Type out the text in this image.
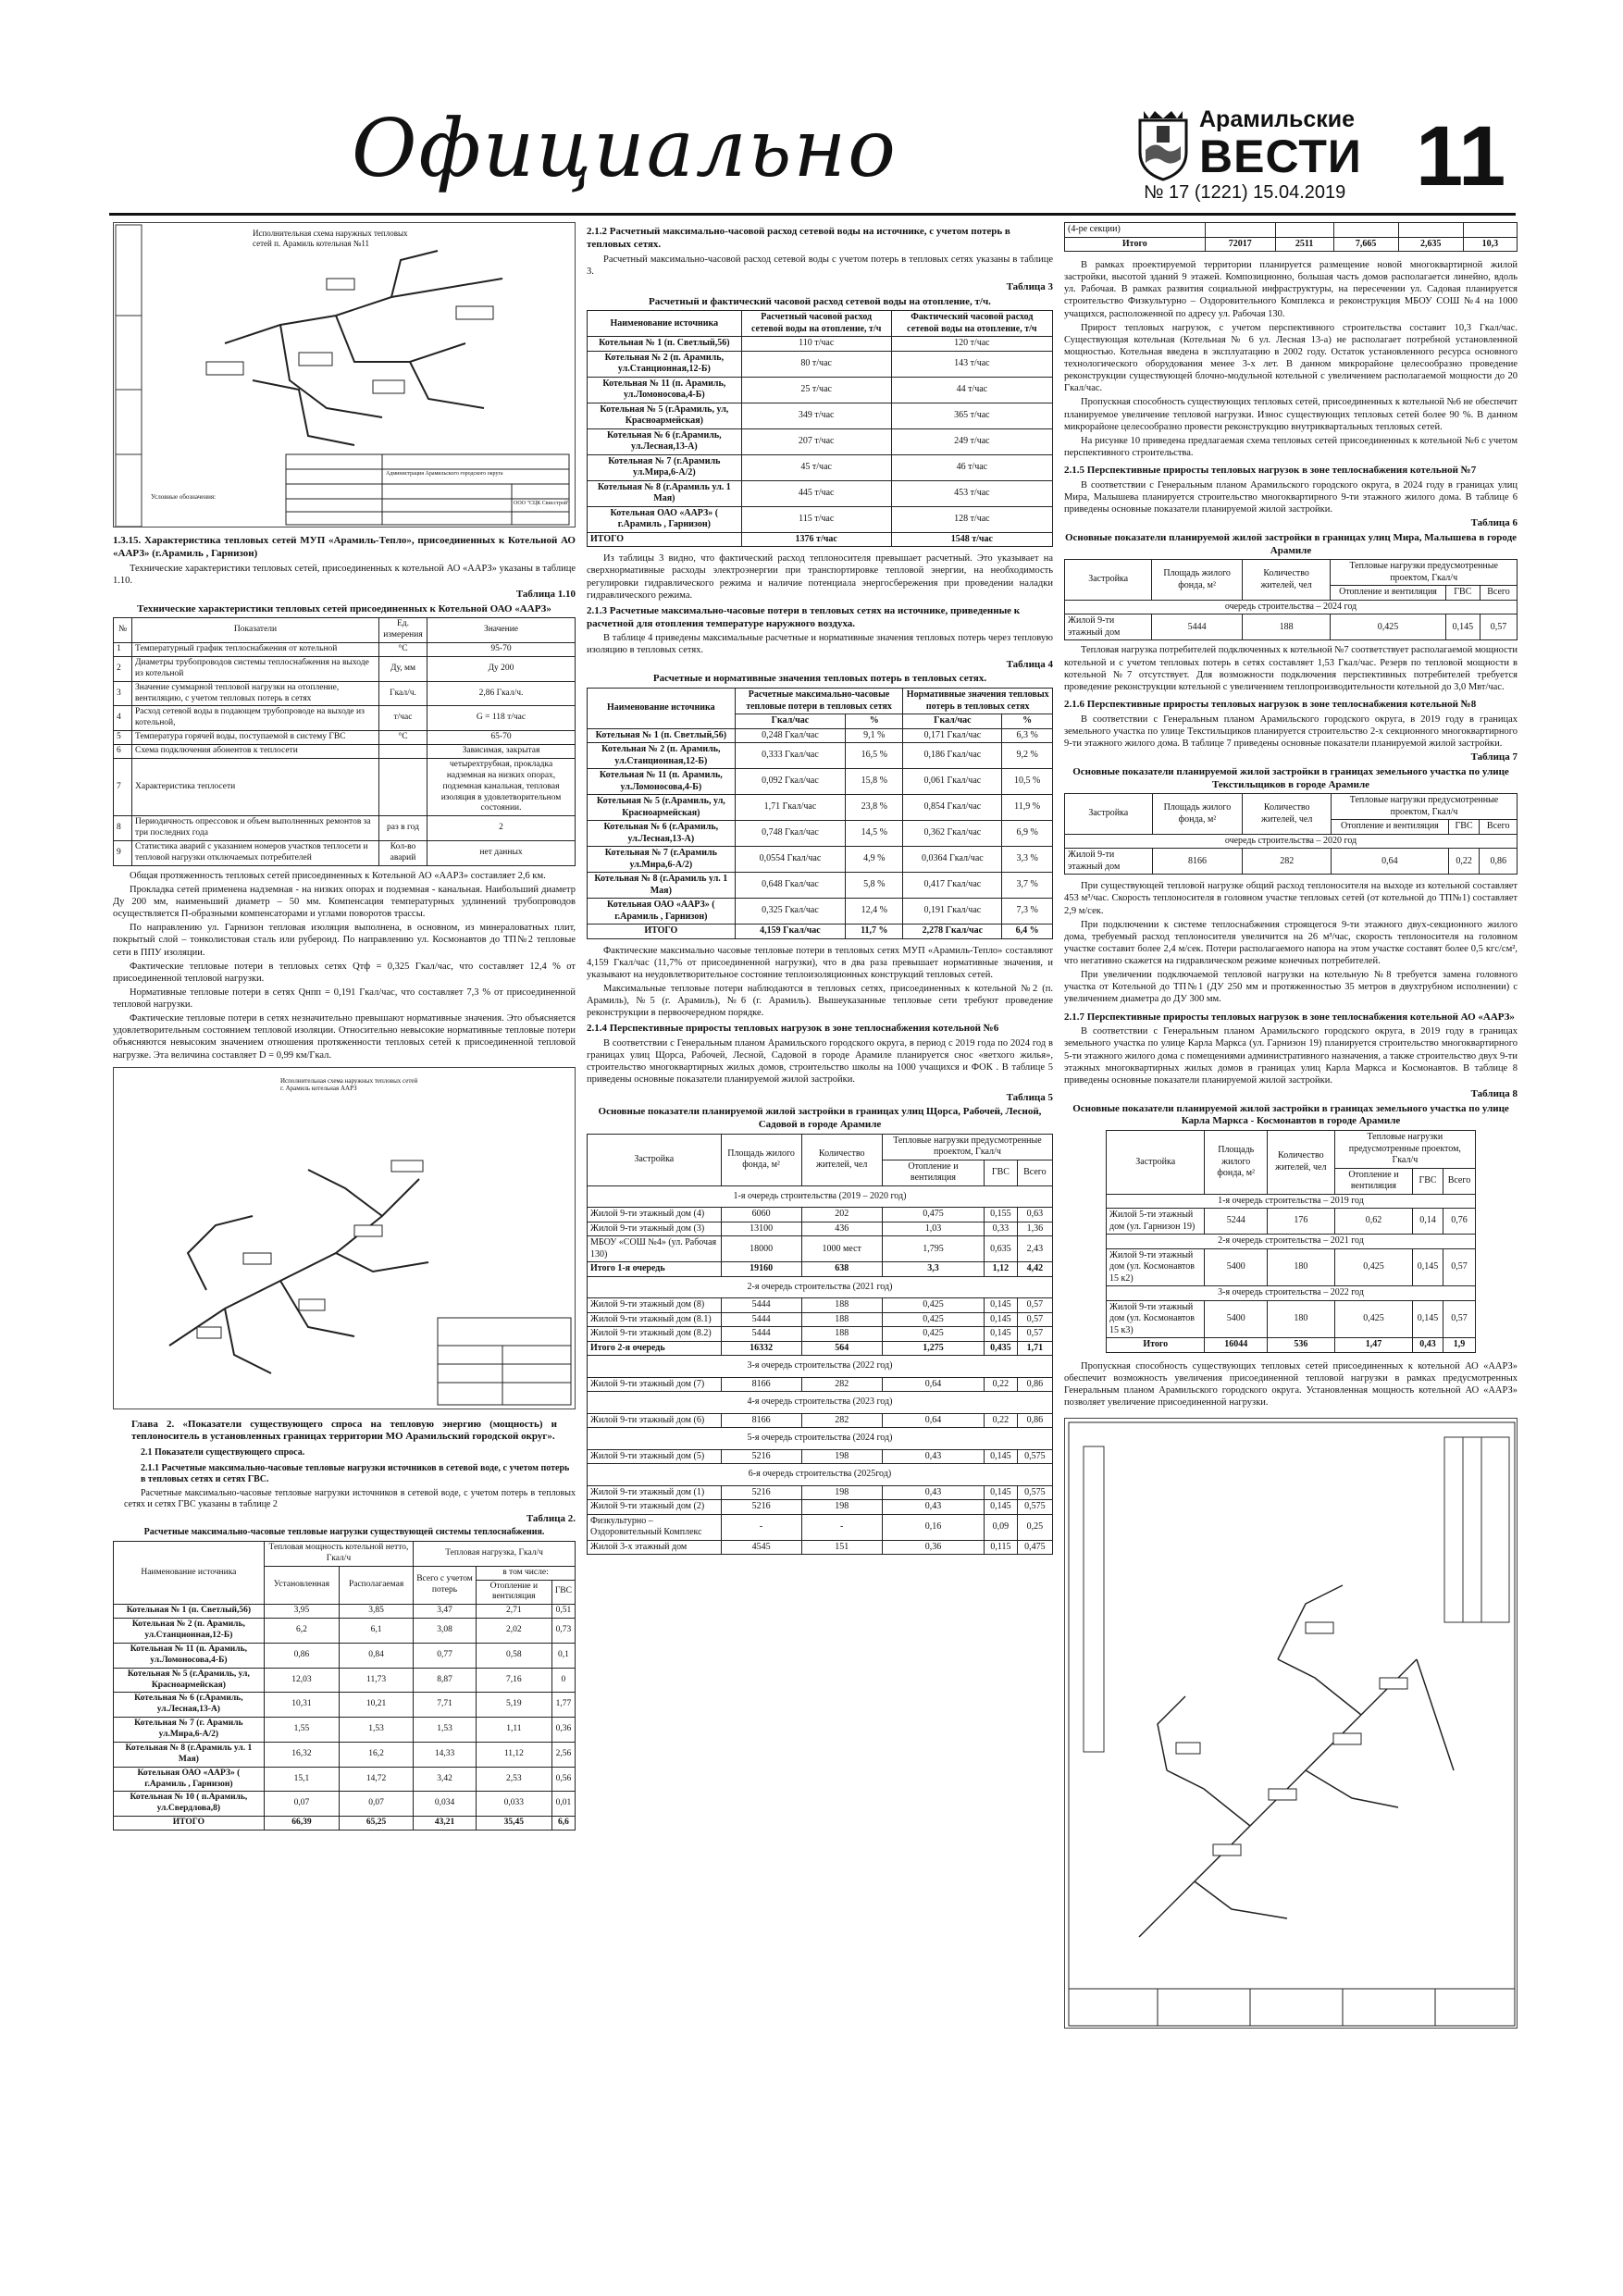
Официально	Арамильские
ВЕСТИ
№ 17 (1221) 15.04.2019 11
Исполнительная схема наружных тепловых
сетей п. Арамиль котельная №11
Условные обозначения:
Администрация Арамильского городского округа
ООО "СЦК Свисстрой"
1.3.15. Характеристика тепловых сетей МУП «Арамиль-Тепло», присоединенных к Котельной АО «ААРЗ» (г.Арамиль , Гарнизон)

Технические характеристики тепловых сетей, присоединенных к котельной АО «ААРЗ» указаны в таблице 1.10.

Таблица 1.10
Технические характеристики тепловых сетей присоединенных к Котельной ОАО «ААРЗ»
№	Показатели	Ед. измерения	Значение
1	Температурный график теплоснабжения от котельной	°С	95-70
2	Диаметры трубопроводов системы теплоснабжения на выходе из котельной	Ду, мм	Ду 200
3	Значение суммарной тепловой нагрузки на отопление, вентиляцию, с учетом тепловых потерь в сетях	Гкал/ч.	2,86 Гкал/ч.
4	Расход сетевой воды в подающем трубопроводе на выходе из котельной,	т/час	G = 118 т/час
5	Температура горячей воды, поступаемой в систему ГВС	°С	65-70
6	Схема подключения абонентов к теплосети		Зависимая, закрытая
7	Характеристика теплосети		четырехтрубная, прокладка надземная на низких опорах, подземная канальная, тепловая изоляция в удовлетворительном состоянии.
8	Периодичность опрессовок и объем выполненных ремонтов за три последних года	раз в год	2
9	Статистика аварий с указанием номеров участков теплосети и тепловой нагрузки отключаемых потребителей	Кол-во аварий	нет данных

Общая протяженность тепловых сетей присоединенных к Котельной АО «ААРЗ» составляет 2,6 км.

Прокладка сетей применена надземная - на низких опорах и подземная - канальная. Наибольший диаметр Ду 200 мм, наименьший диаметр – 50 мм. Компенсация температурных удлинений трубопроводов осуществляется П-образными компенсаторами и углами поворотов трассы.

По направлению ул. Гарнизон тепловая изоляция выполнена, в основном, из минераловатных плит, покрытый слой – тонколистовая сталь или рубероид. По направлению ул. Космонавтов до ТП№2 тепловые сети в ППУ изоляции.

Фактические тепловые потери в тепловых сетях Qтф = 0,325 Гкал/час, что составляет 12,4 % от присоединенной тепловой нагрузки.

Нормативные тепловые потери в сетях Qнпп = 0,191 Гкал/час, что составляет 7,3 % от присоединенной тепловой нагрузки.

Фактические тепловые потери в сетях незначительно превышают нормативные значения. Это объясняется удовлетворительным состоянием тепловой изоляции. Относительно невысокие нормативные тепловые потери объясняются невысоким значением отношения протяженности тепловых сетей к присоединенной тепловой нагрузке. Эта величина составляет D = 0,99 км/Гкал.

Исполнительная схема наружных тепловых сетей г. Арамиль котельная ААРЗ
Глава 2. «Показатели существующего спроса на тепловую энергию (мощность) и теплоноситель в установленных границах территории МО Арамильский городской округ».
2.1 Показатели существующего спроса.
2.1.1 Расчетные максимально-часовые тепловые нагрузки источников в сетевой воде, с учетом потерь в тепловых сетях и сетях ГВС.

Расчетные максимально-часовые тепловые нагрузки источников в сетевой воде, с учетом потерь в тепловых сетях и сетях ГВС указаны в таблице 2

Таблица 2.
Расчетные максимально-часовые тепловые нагрузки существующей системы теплоснабжения.
Наименование источника	Тепловая мощность котельной нетто, Гкал/ч		Тепловая нагрузка, Гкал/ч		
	Установленная	Располагаемая	Всего с учетом потерь	в том числе:	
				Отопление и вентиляция	ГВС
Котельная № 1 (п. Светлый,56)	3,95	3,85	3,47	2,71	0,51
Котельная № 2 (п. Арамиль, ул.Станционная,12-Б)	6,2	6,1	3,08	2,02	0,73
Котельная № 11 (п. Арамиль, ул.Ломоносова,4-Б)	0,86	0,84	0,77	0,58	0,1
Котельная № 5 (г.Арамиль, ул, Красноармейская)	12,03	11,73	8,87	7,16	0
Котельная № 6 (г.Арамиль, ул.Лесная,13-А)	10,31	10,21	7,71	5,19	1,77
Котельная № 7 (г. Арамиль ул.Мира,6-А/2)	1,55	1,53	1,53	1,11	0,36
Котельная № 8 (г.Арамиль ул. 1 Мая)	16,32	16,2	14,33	11,12	2,56
Котельная ОАО «ААРЗ» ( г.Арамиль , Гарнизон)	15,1	14,72	3,42	2,53	0,56
Котельная № 10 ( п.Арамиль, ул.Свердлова,8)	0,07	0,07	0,034	0,033	0,01
ИТОГО	66,39	65,25	43,21	35,45	6,6
2.1.2 Расчетный максимально-часовой расход сетевой воды на источнике, с учетом потерь в тепловых сетях.

Расчетный максимально-часовой расход сетевой воды с учетом потерь в тепловых сетях указаны в таблице 3.

Таблица 3
Расчетный и фактический часовой расход сетевой воды на отопление, т/ч.
Наименование источника	Расчетный часовой расход сетевой воды на отопление, т/ч	Фактический часовой расход сетевой воды на отопление, т/ч
Котельная № 1 (п. Светлый,56)	110 т/час	120 т/час
Котельная № 2 (п. Арамиль, ул.Станционная,12-Б)	80 т/час	143 т/час
Котельная № 11 (п. Арамиль, ул.Ломоносова,4-Б)	25 т/час	44 т/час
Котельная № 5 (г.Арамиль, ул, Красноармейская)	349 т/час	365 т/час
Котельная № 6 (г.Арамиль, ул.Лесная,13-А)	207 т/час	249 т/час
Котельная № 7 (г.Арамиль ул.Мира,6-А/2)	45 т/час	46 т/час
Котельная № 8 (г.Арамиль ул. 1 Мая)	445 т/час	453 т/час
Котельная ОАО «ААРЗ» ( г.Арамиль , Гарнизон)	115 т/час	128 т/час
ИТОГО	1376 т/час	1548 т/час

Из таблицы 3 видно, что фактический расход теплоносителя превышает расчетный. Это указывает на сверхнормативные расходы электроэнергии при транспортировке тепловой энергии, на необходимость регулировки гидравлического режима и наличие потенциала энергосбережения при проведении наладки гидравлического режима.

2.1.3 Расчетные максимально-часовые потери в тепловых сетях на источнике, приведенные к расчетной для отопления температуре наружного воздуха.

В таблице 4 приведены максимальные расчетные и нормативные значения тепловых потерь через тепловую изоляцию в тепловых сетях.

Таблица 4
Расчетные и нормативные значения тепловых потерь в тепловых сетях.
Наименование источника	Расчетные максимально-часовые тепловые потери в тепловых сетях		Нормативные значения тепловых потерь в тепловых сетях	
	Гкал/час	%	Гкал/час	%
Котельная № 1 (п. Светлый,56)	0,248 Гкал/час	9,1 %	0,171 Гкал/час	6,3 %
Котельная № 2 (п. Арамиль, ул.Станционная,12-Б)	0,333 Гкал/час	16,5 %	0,186 Гкал/час	9,2 %
Котельная № 11 (п. Арамиль, ул.Ломоносова,4-Б)	0,092 Гкал/час	15,8 %	0,061 Гкал/час	10,5 %
Котельная № 5 (г.Арамиль, ул, Красноармейская)	1,71 Гкал/час	23,8 %	0,854 Гкал/час	11,9 %
Котельная № 6 (г.Арамиль, ул.Лесная,13-А)	0,748 Гкал/час	14,5 %	0,362 Гкал/час	6,9 %
Котельная № 7 (г.Арамиль ул.Мира,6-А/2)	0,0554 Гкал/час	4,9 %	0,0364 Гкал/час	3,3 %
Котельная № 8 (г.Арамиль ул. 1 Мая)	0,648 Гкал/час	5,8 %	0,417 Гкал/час	3,7 %
Котельная ОАО «ААРЗ» ( г.Арамиль , Гарнизон)	0,325 Гкал/час	12,4 %	0,191 Гкал/час	7,3 %
ИТОГО	4,159 Гкал/час	11,7 %	2,278 Гкал/час	6,4 %

Фактические максимально часовые тепловые потери в тепловых сетях МУП «Арамиль-Тепло» составляют 4,159 Гкал/час (11,7% от присоединенной нагрузки), что в два раза превышает нормативные значения, и указывают на неудовлетворительное состояние теплоизоляционных конструкций тепловых сетей.

Максимальные тепловые потери наблюдаются в тепловых сетях, присоединенных к котельной №2 (п. Арамиль), №5 (г. Арамиль), №6 (г. Арамиль). Вышеуказанные тепловые сети требуют проведение реконструкции в первоочередном порядке.

2.1.4 Перспективные приросты тепловых нагрузок в зоне теплоснабжения котельной №6

В соответствии с Генеральным планом Арамильского городского округа, в период с 2019 года по 2024 год в границах улиц Щорса, Рабочей, Лесной, Садовой в городе Арамиле планируется снос «ветхого жилья», строительство многоквартирных жилых домов, строительство школы на 1000 учащихся и ФОК . В таблице 5 приведены основные показатели планируемой жилой застройки.

Таблица 5
Основные показатели планируемой жилой застройки в границах улиц Щорса, Рабочей, Лесной, Садовой в городе Арамиле
Застройка	Площадь жилого фонда, м²	Количество жителей, чел	Тепловые нагрузки предусмотренные проектом, Гкал/ч		
			Отопление и вентиляция	ГВС	Всего
1-я очередь строительства (2019 – 2020 год)					
Жилой 9-ти этажный дом (4)	6060	202	0,475	0,155	0,63
Жилой 9-ти этажный дом (3)	13100	436	1,03	0,33	1,36
МБОУ «СОШ №4» (ул. Рабочая 130)	18000	1000 мест	1,795	0,635	2,43
Итого 1-я очередь	19160	638	3,3	1,12	4,42
2-я очередь строительства (2021 год)					
Жилой 9-ти этажный дом (8)	5444	188	0,425	0,145	0,57
Жилой 9-ти этажный дом (8.1)	5444	188	0,425	0,145	0,57
Жилой 9-ти этажный дом (8.2)	5444	188	0,425	0,145	0,57
Итого 2-я очередь	16332	564	1,275	0,435	1,71
3-я очередь строительства (2022 год)					
Жилой 9-ти этажный дом (7)	8166	282	0,64	0,22	0,86
4-я очередь строительства (2023 год)					
Жилой 9-ти этажный дом (6)	8166	282	0,64	0,22	0,86
5-я очередь строительства (2024 год)					
Жилой 9-ти этажный дом (5)	5216	198	0,43	0,145	0,575
6-я очередь строительства (2025год)					
Жилой 9-ти этажный дом (1)	5216	198	0,43	0,145	0,575
Жилой 9-ти этажный дом (2)	5216	198	0,43	0,145	0,575
Физкультурно – Оздоровительный Комплекс	-	-	0,16	0,09	0,25
Жилой 3-х этажный дом	4545	151	0,36	0,115	0,475
(4-ре секции)					
Итого	72017	2511	7,665	2,635	10,3

В рамках проектируемой территории планируется размещение новой многоквартирной жилой застройки, высотой зданий 9 этажей. Композиционно, большая часть домов располагается линейно, вдоль ул. Рабочая. В рамках развития социальной инфраструктуры, на пересечении ул. Садовая планируется строительство Физкультурно – Оздоровительного Комплекса и реконструкция МБОУ СОШ №4 на 1000 учащихся, расположенной по адресу ул. Рабочая 130.

Прирост тепловых нагрузок, с учетом перспективного строительства составит 10,3 Гкал/час. Существующая котельная (Котельная № 6 ул. Лесная 13-а) не располагает потребной установленной мощностью. Котельная введена в эксплуатацию в 2002 году. Остаток установленного ресурса основного технологического оборудования менее 3-х лет. В данном микрорайоне целесообразно проведение реконструкции существующей блочно-модульной котельной с увеличением располагаемой мощности до 20 Гкал/час.

Пропускная способность существующих тепловых сетей, присоединенных к котельной №6 не обеспечит планируемое увеличение тепловой нагрузки. Износ существующих тепловых сетей более 90 %. В данном микрорайоне целесообразно провести реконструкцию внутриквартальных тепловых сетей.

На рисунке 10 приведена предлагаемая схема тепловых сетей присоединенных к котельной №6 с учетом перспективного строительства.

2.1.5 Перспективные приросты тепловых нагрузок в зоне теплоснабжения котельной №7

В соответствии с Генеральным планом Арамильского городского округа, в 2024 году в границах улиц Мира, Малышева планируется строительство многоквартирного 9-ти этажного жилого дома. В таблице 6 приведены основные показатели планируемой жилой застройки.

Таблица 6
Основные показатели планируемой жилой застройки в границах улиц Мира, Малышева в городе Арамиле
Застройка	Площадь жилого фонда, м²	Количество жителей, чел	Тепловые нагрузки предусмотренные проектом, Гкал/ч		
			Отопление и вентиляция	ГВС	Всего
очередь строительства – 2024 год					
Жилой 9-ти этажный дом	5444	188	0,425	0,145	0,57

Тепловая нагрузка потребителей подключенных к котельной №7 соответствует располагаемой мощности котельной и с учетом тепловых потерь в сетях составляет 1,53 Гкал/час. Резерв по тепловой мощности в котельной №7 отсутствует. Для возможности подключения перспективных потребителей требуется проведение реконструкции котельной с увеличением теплопроизводительности котельной до 3,0 Мвт/час.

2.1.6 Перспективные приросты тепловых нагрузок в зоне теплоснабжения котельной №8

В соответствии с Генеральным планом Арамильского городского округа, в 2019 году в границах земельного участка по улице Текстильщиков планируется строительство 2-х секционного многоквартирного 9-ти этажного жилого дома. В таблице 7 приведены основные показатели планируемой жилой застройки.

Таблица 7
Основные показатели планируемой жилой застройки в границах земельного участка по улице Текстильщиков в городе Арамиле
Застройка	Площадь жилого фонда, м²	Количество жителей, чел	Тепловые нагрузки предусмотренные проектом, Гкал/ч		
			Отопление и вентиляция	ГВС	Всего
очередь строительства – 2020 год					
Жилой 9-ти этажный дом	8166	282	0,64	0,22	0,86

При существующей тепловой нагрузке общий расход теплоносителя на выходе из котельной составляет 453 м³/час. Скорость теплоносителя в головном участке тепловых сетей (от котельной до ТП№1) составляет 2,9 м/сек.

При подключении к системе теплоснабжения строящегося 9-ти этажного двух-секционного жилого дома, требуемый расход теплоносителя увеличится на 26 м³/час, скорость теплоносителя на головном участке составит более 2,4 м/сек. Потери располагаемого напора на этом участке составят более 0,5 кгс/см², что негативно скажется на гидравлическом режиме конечных потребителей.

При увеличении подключаемой тепловой нагрузки на котельную №8 требуется замена головного участка от Котельной до ТП№1 (ДУ 250 мм и протяженностью 35 метров в двухтрубном исполнении) с увеличением диаметра до ДУ 300 мм.

2.1.7 Перспективные приросты тепловых нагрузок в зоне теплоснабжения котельной АО «ААРЗ»

В соответствии с Генеральным планом Арамильского городского округа, в 2019 году в границах земельного участка по улице Карла Маркса (ул. Гарнизон 19) планируется строительство многоквартирного 5-ти этажного жилого дома с помещениями административного назначения, а также строительство двух 9-ти этажных многоквартирных жилых домов в границах улиц Карла Маркса и Космонавтов. В таблице 8 приведены основные показатели планируемой жилой застройки.

Таблица 8
Основные показатели планируемой жилой застройки в границах земельного участка по улице Карла Маркса - Космонавтов в городе Арамиле
Застройка	Площадь жилого фонда, м²	Количество жителей, чел	Тепловые нагрузки предусмотренные проектом, Гкал/ч		
			Отопление и вентиляция	ГВС	Всего
1-я очередь строительства – 2019 год					
Жилой 5-ти этажный дом (ул. Гарнизон 19)	5244	176	0,62	0,14	0,76
2-я очередь строительства – 2021 год					
Жилой 9-ти этажный дом (ул. Космонавтов 15 к2)	5400	180	0,425	0,145	0,57
3-я очередь строительства – 2022 год					
Жилой 9-ти этажный дом (ул. Космонавтов 15 к3)	5400	180	0,425	0,145	0,57
Итого	16044	536	1,47	0,43	1,9

Пропускная способность существующих тепловых сетей присоединенных к котельной АО «ААРЗ» обеспечит возможность увеличения присоединенной тепловой нагрузки в рамках предусмотренных Генеральным планом Арамильского городского округа. Установленная мощность котельной АО «ААРЗ» позволяет увеличение присоединенной нагрузки.
